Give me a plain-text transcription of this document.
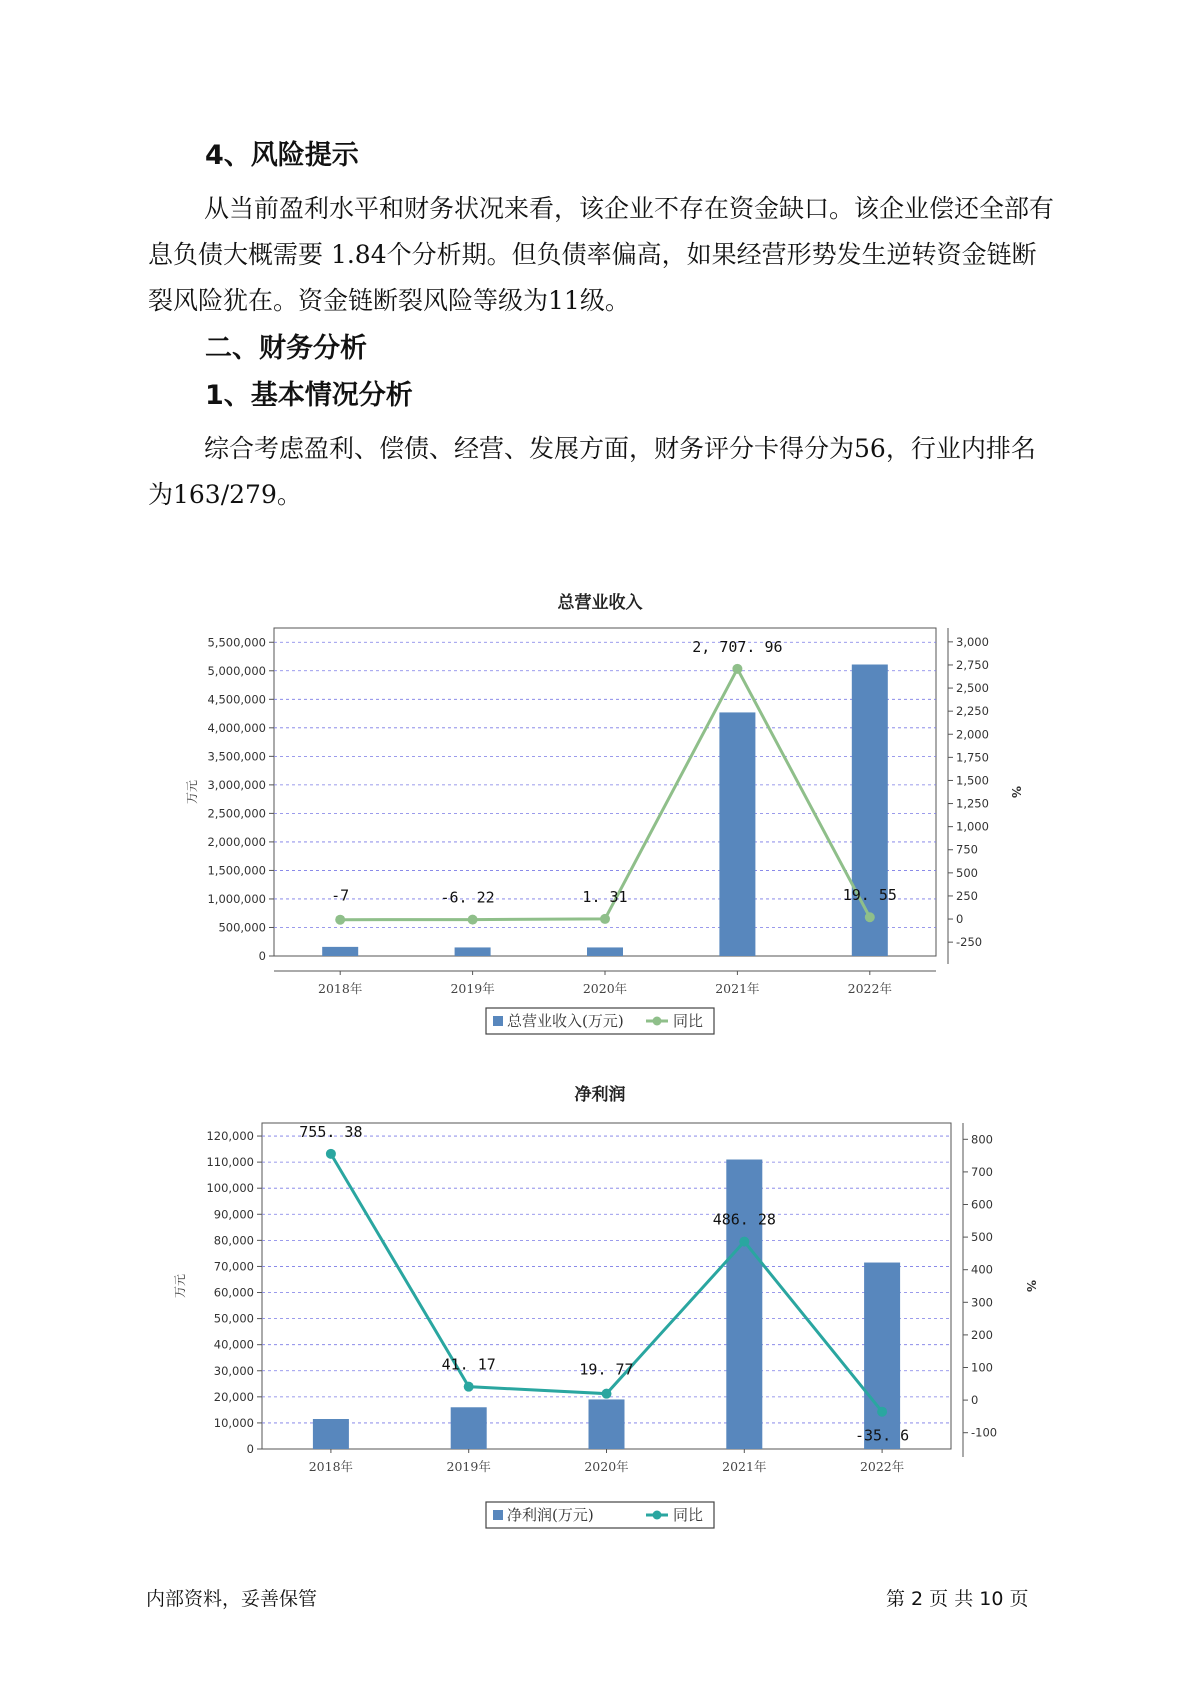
4、风险提示

从当前盈利水平和财务状况来看，该企业不存在资金缺口。该企业偿还全部有息负债大概需要 1.84个分析期。但负债率偏高，如果经营形势发生逆转资金链断裂风险犹在。资金链断裂风险等级为11级。

二、财务分析
1、基本情况分析

综合考虑盈利、偿债、经营、发展方面，财务评分卡得分为56，行业内排名为163/279。

总营业收入
0
500,000
1,000,000
1,500,000
2,000,000
2,500,000
3,000,000
3,500,000
4,000,000
4,500,000
5,000,000
5,500,000
万元
-250
0
250
500
750
1,000
1,250
1,500
1,750
2,000
2,250
2,500
2,750
3,000
%
2018年	2019年	2020年	2021年	2022年
-7	-6. 22	1. 31
2, 707. 96
19. 55
总营业收入(万元)	同比
净利润
0
10,000
20,000
30,000
40,000
50,000
60,000
70,000
80,000
90,000
100,000
110,000
120,000
万元
-100
0
100
200
300
400
500
600
700
800
%
2018年	2019年	2020年	2021年	2022年
755. 38
41. 17	19. 77
486. 28
-35. 6
净利润(万元)	同比
内部资料，妥善保管	第 2 页 共 10 页
